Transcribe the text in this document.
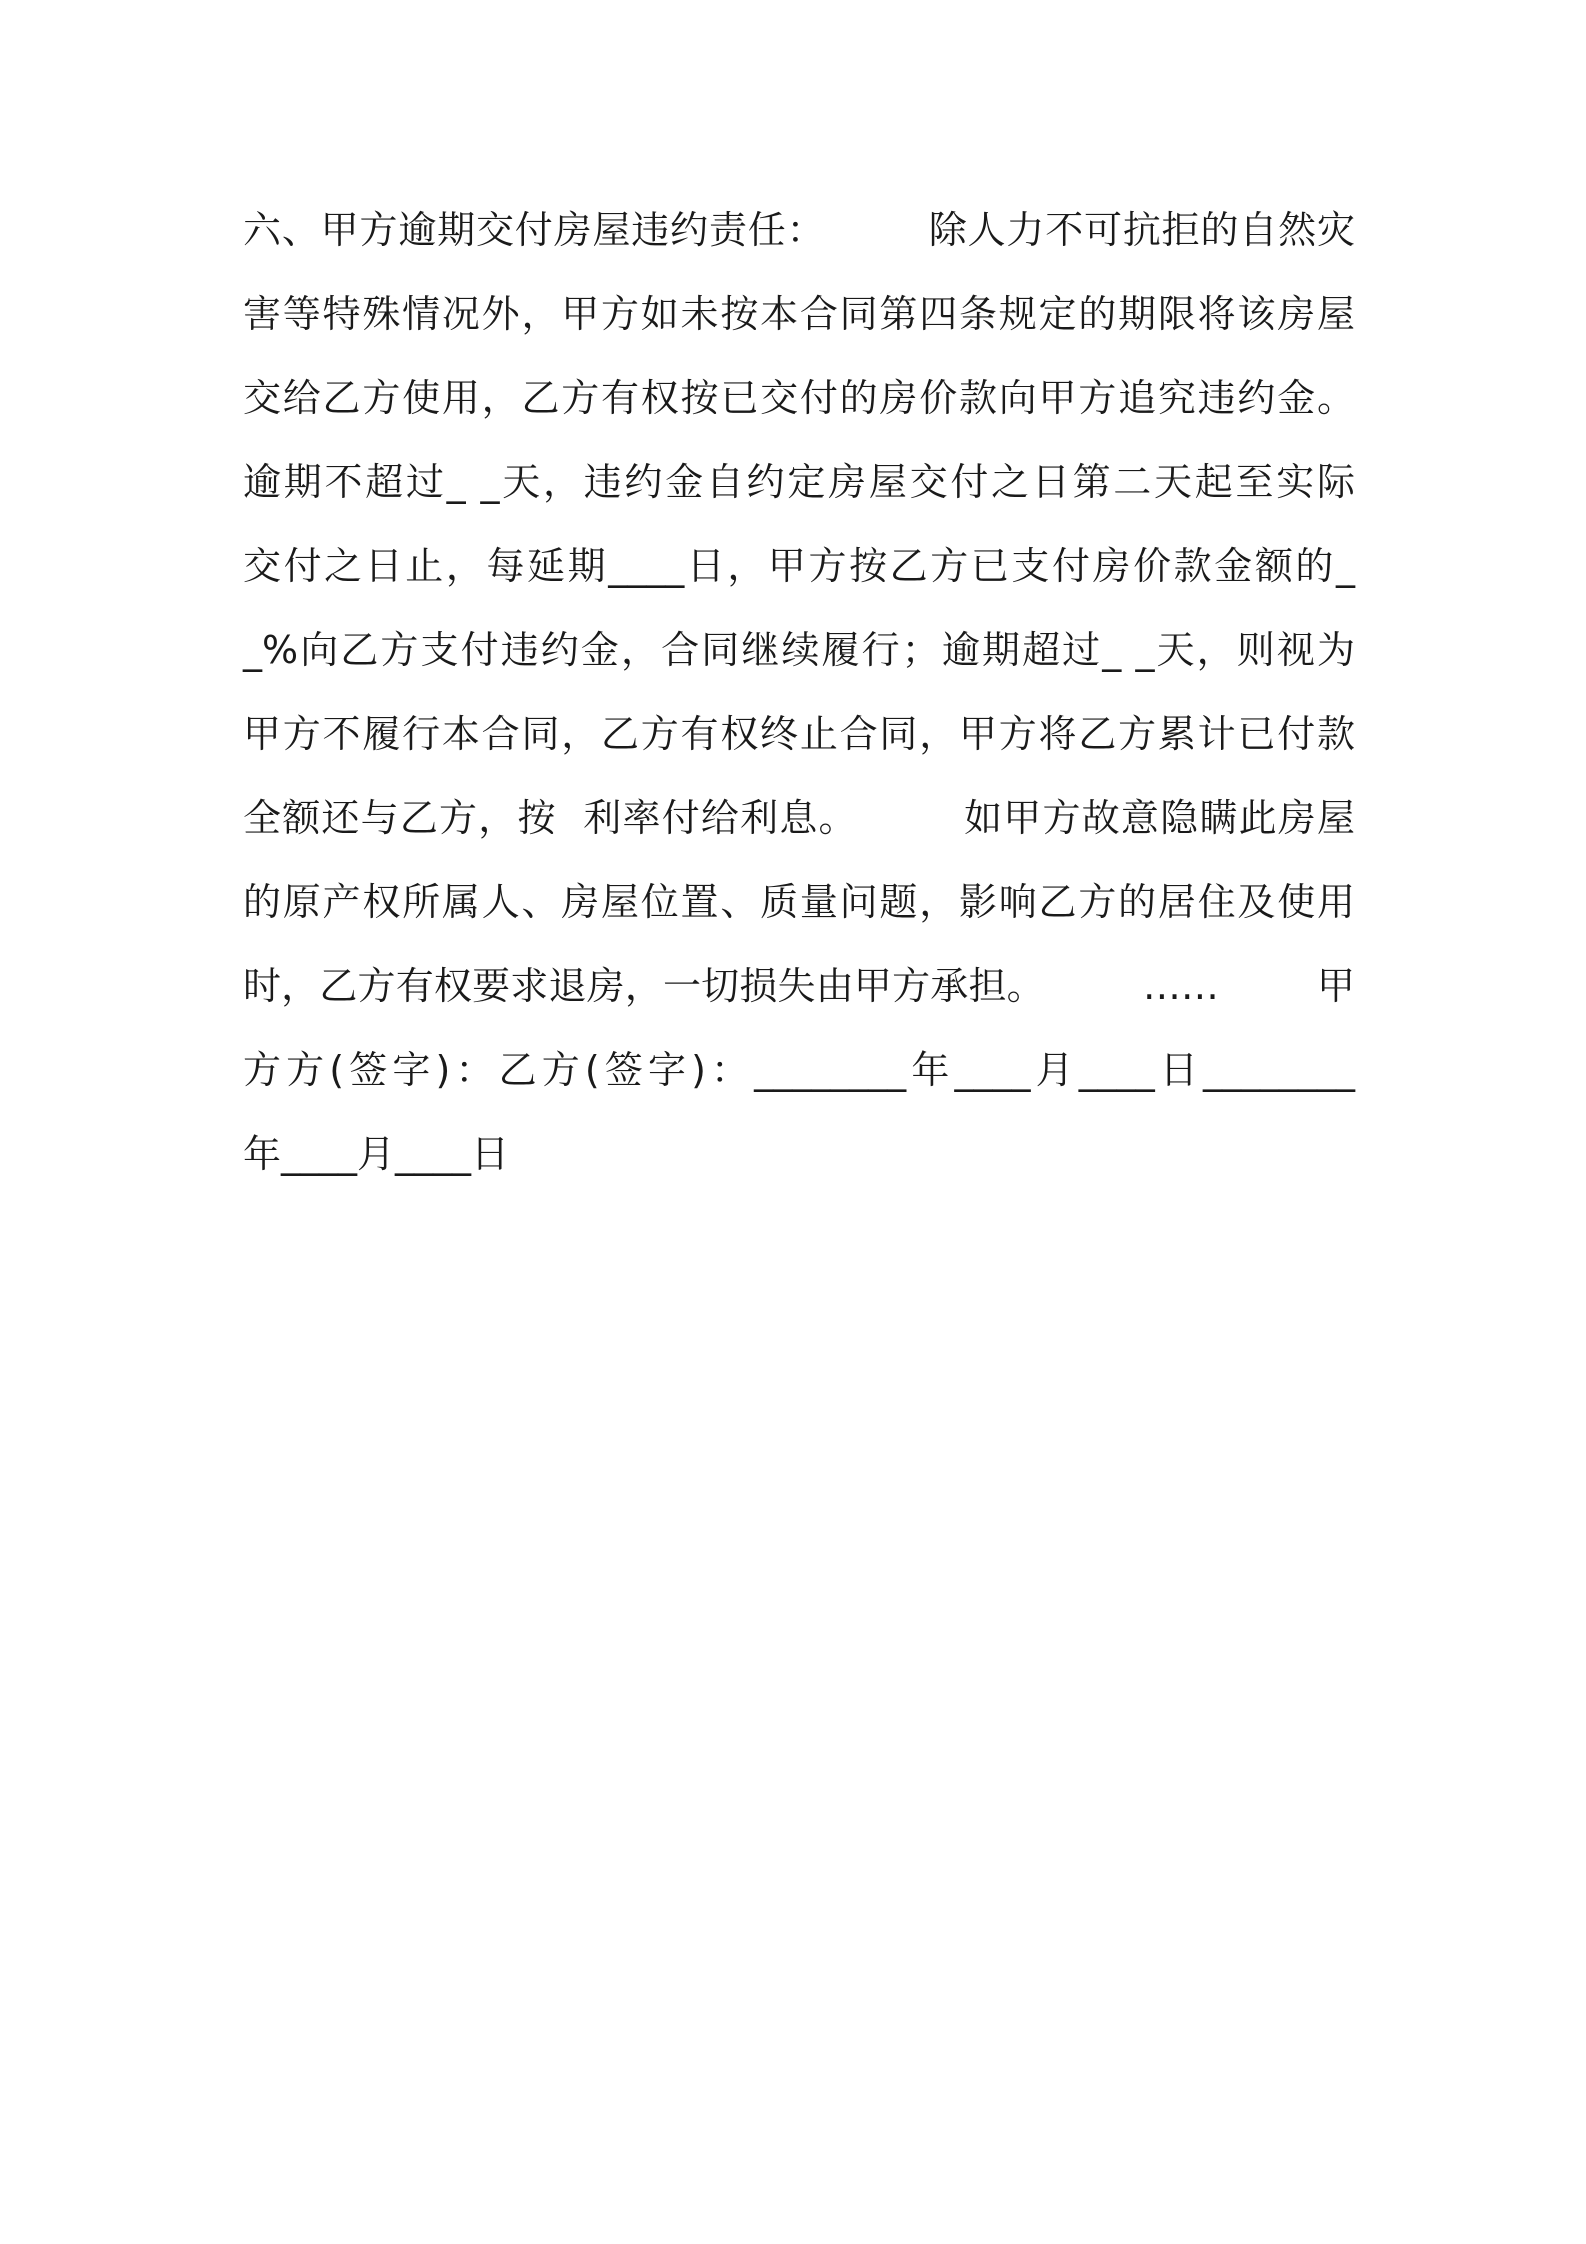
六、甲方逾期交付房屋违约责任：        除人力不可抗拒的自然灾
害等特殊情况外，甲方如未按本合同第四条规定的期限将该房屋
交给乙方使用，乙方有权按已交付的房价款向甲方追究违约金。
逾期不超过_ _天，违约金自约定房屋交付之日第二天起至实际
交付之日止，每延期____日，甲方按乙方已支付房价款金额的_
_%向乙方支付违约金，合同继续履行；逾期超过_ _天，则视为
甲方不履行本合同，乙方有权终止合同，甲方将乙方累计已付款
全额还与乙方，按  利率付给利息。        如甲方故意隐瞒此房屋
的原产权所属人、房屋位置、质量问题，影响乙方的居住及使用
时，乙方有权要求退房，一切损失由甲方承担。        ……        甲
方方(签字)：乙方(签字)：________年____月____日________
年____月____日
